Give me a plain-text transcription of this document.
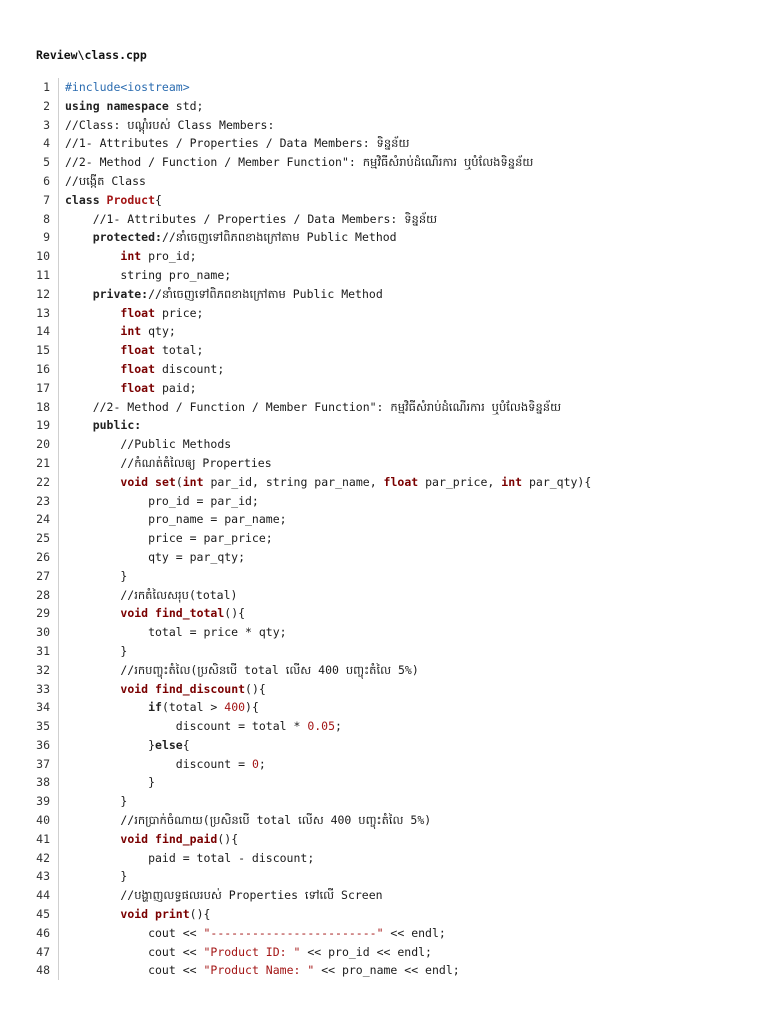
Review\class.cpp
1	#include<iostream>
2	using namespace std;
3	//Class: បណ្តុំរបស់ Class Members:
4	//1- Attributes / Properties / Data Members: ទិន្នន័យ
5	//2- Method / Function / Member Function": កម្មវិធីសំរាប់ដំណើរការ ឬបំលែងទិន្នន័យ
6	//បង្កើត Class
7	class Product{
8	//1- Attributes / Properties / Data Members: ទិន្នន័យ
9	protected://នាំចេញទៅពិភពខាងក្រៅតាម Public Method
10	int pro_id;
11	string pro_name;
12	private://នាំចេញទៅពិភពខាងក្រៅតាម Public Method
13	float price;
14	int qty;
15	float total;
16	float discount;
17	float paid;
18	//2- Method / Function / Member Function": កម្មវិធីសំរាប់ដំណើរការ ឬបំលែងទិន្នន័យ
19	public:
20	//Public Methods
21	//កំណត់តំលៃឲ្យ Properties
22	void set(int par_id, string par_name, float par_price, int par_qty){
23	pro_id = par_id;
24	pro_name = par_name;
25	price = par_price;
26	qty = par_qty;
27	}
28	//រកតំលៃសរុប(total)
29	void find_total(){
30	total = price * qty;
31	}
32	//រកបញ្ចុះតំលៃ(ប្រសិនបើ total លើស 400 បញ្ចុះតំលៃ 5%)
33	void find_discount(){
34	if(total > 400){
35	discount = total * 0.05;
36	}else{
37	discount = 0;
38	}
39	}
40	//រកប្រាក់ចំណាយ(ប្រសិនបើ total លើស 400 បញ្ចុះតំលៃ 5%)
41	void find_paid(){
42	paid = total - discount;
43	}
44	//បង្ហាញលទ្ធផលរបស់ Properties ទៅលើ Screen
45	void print(){
46	cout << "------------------------" << endl;
47	cout << "Product ID: " << pro_id << endl;
48	cout << "Product Name: " << pro_name << endl;
